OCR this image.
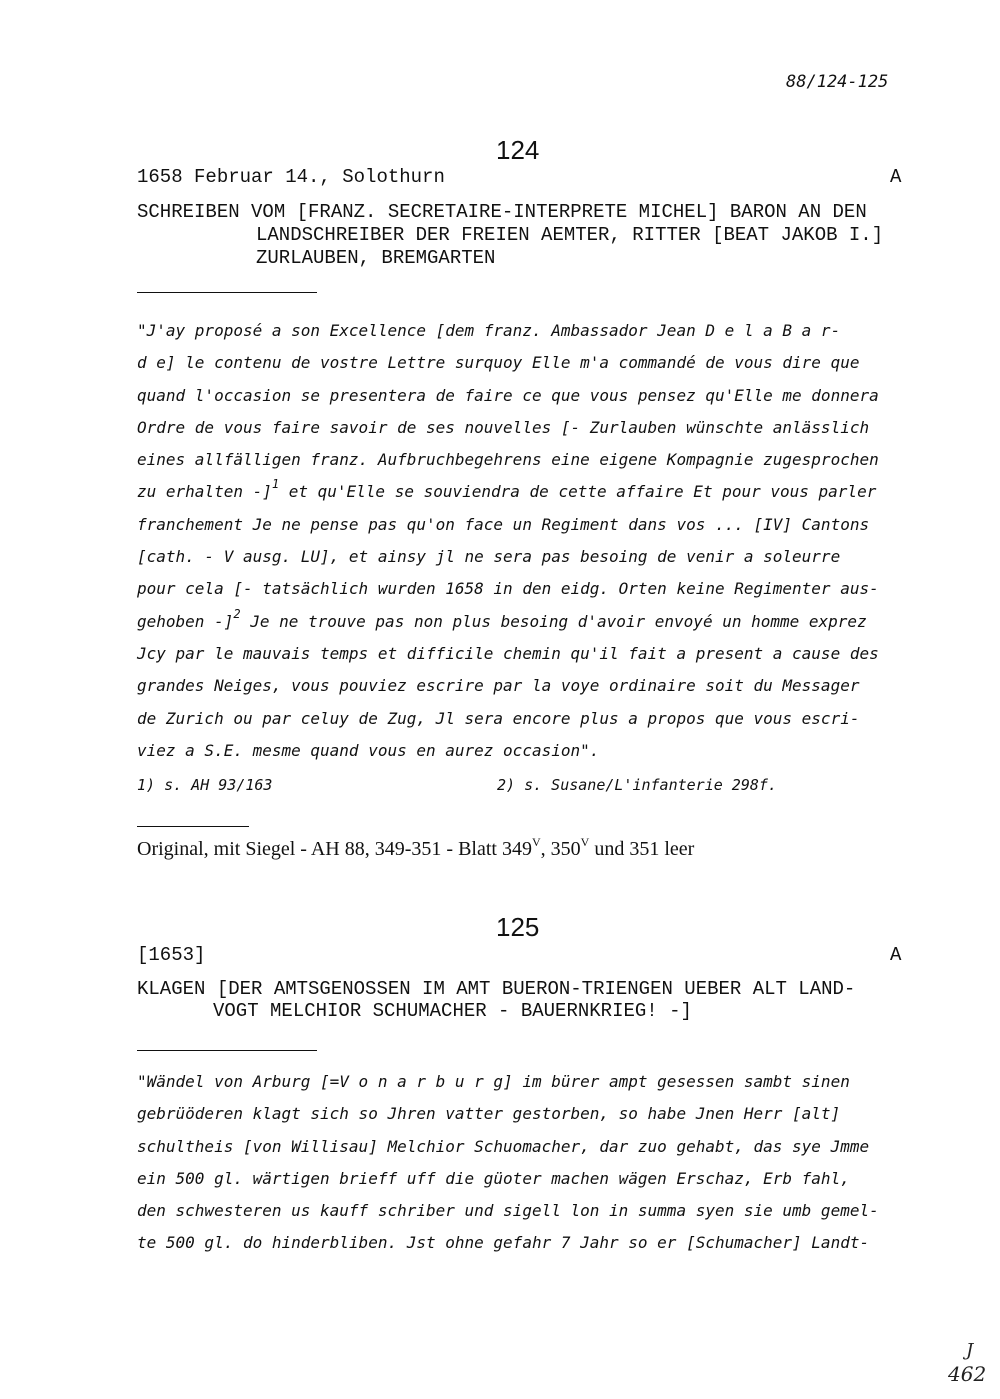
88/124-125
124
1658 Februar 14., Solothurn	A
SCHREIBEN VOM [FRANZ. SECRETAIRE-INTERPRETE MICHEL] BARON AN DEN
LANDSCHREIBER DER FREIEN AEMTER, RITTER [BEAT JAKOB I.]
ZURLAUBEN, BREMGARTEN
"J'ay proposé a son Excellence [dem franz. Ambassador Jean D e l a B a r-
d e] le contenu de vostre Lettre surquoy Elle m'a commandé de vous dire que
quand l'occasion se presentera de faire ce que vous pensez qu'Elle me donnera
Ordre de vous faire savoir de ses nouvelles [- Zurlauben wünschte anlässlich
eines allfälligen franz. Aufbruchbegehrens eine eigene Kompagnie zugesprochen
zu erhalten -]$^1$ et qu'Elle se souviendra de cette affaire Et pour vous parler
franchement Je ne pense pas qu'on face un Regiment dans vos ... [IV] Cantons
[cath. - V ausg. LU], et ainsy jl ne sera pas besoing de venir a soleurre
pour cela [- tatsächlich wurden 1658 in den eidg. Orten keine Regimenter aus-
gehoben -]$^2$ Je ne trouve pas non plus besoing d'avoir envoyé un homme exprez
Jcy par le mauvais temps et difficile chemin qu'il fait a present a cause des
grandes Neiges, vous pouviez escrire par la voye ordinaire soit du Messager
de Zurich ou par celuy de Zug, Jl sera encore plus a propos que vous escri-
viez a S.E. mesme quand vous en aurez occasion".
1) s. AH 93/163	2) s. Susane/L'infanterie 298f.
Original, mit Siegel - AH 88, 349-351 - Blatt $349^V$, $350^V$ und 351 leer
125
[1653]	A
KLAGEN [DER AMTSGENOSSEN IM AMT BUERON-TRIENGEN UEBER ALT LAND-
VOGT MELCHIOR SCHUMACHER - BAUERNKRIEG! -]
"Wändel von Arburg [=V o n a r b u r g] im bürer ampt gesessen sambt sinen
gebrüöderen klagt sich so Jhren vatter gestorben, so habe Jnen Herr [alt]
schultheis [von Willisau] Melchior Schuomacher, dar zuo gehabt, das sye Jmme
ein 500 gl. wärtigen brieff uff die güoter machen wägen Erschaz, Erb fahl,
den schwesteren us kauff schriber und sigell lon in summa syen sie umb gemel-
te 500 gl. do hinderbliben. Jst ohne gefahr 7 Jahr so er [Schumacher] Landt-
J
462
